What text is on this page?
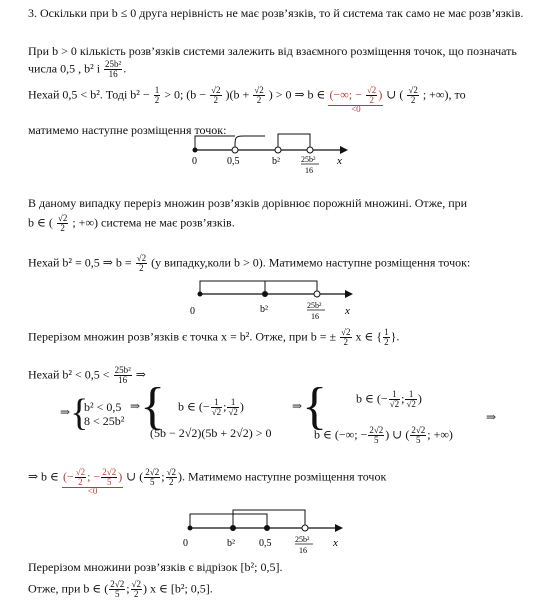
3. Оскільки при b ≤ 0 друга нерівність не має розв’язків, то й система так само не має розв’язків.
При b > 0 кількість розв’язків системи залежить від взаємного розміщення точок, що позначать
числа 0,5 , b² і $\frac{\text{25b²}}{16}$ .
Нехай 0,5 < b². Тоді $b^2 - \frac{1}{2} > 0$; $(b - \frac{√2}{2} )(b + \frac{√2}{2}$ ) > 0 ⇒ b ∈ (−∞; − $\frac{√2}{2}$ )
<0
∪ ( $\frac{√2}{2}$ ; +∞), то
матимемо наступне розміщення точок:
0	0,5	b²	25b²
16
x
В даному випадку переріз множин розв’язків дорівнює порожній множині. Отже, при
b ∈ ( $\frac{√2}{2}$ ; +∞) система не має розв’язків.
Нехай b² = 0,5 ⇒ $b = \frac{√2}{2} (у$ випадку,коли b > 0). Матимемо наступне розміщення точок:
0	b²	25b²
16 x
Перерізом множин розв’язків є точка x = b². Отже, при b = ± $\frac{√2}{2}$ x ∈ { $\frac{1}{2}$ }.
Нехай $b^2 < 0,5 < \frac{\text{25b²}}{16}$ ⇒
⇒{
b² < 0,5
8 < 25b²
⇒{ b ∈ (− $\frac{1}{√2}$ ; $\frac{1}{√2}$ )
(5b − 2√2)(5b + 2√2) > 0
⇒{ b ∈ (− $\frac{1}{√2}$ ; $\frac{1}{√2}$ )
b ∈ (−∞; − $\frac{2√2}{5}$ ) ∪ ( $\frac{2√2}{5}$ ; +∞)
⇒
⇒ b ∈ (− $\frac{√2}{2}$ ; − $\frac{2√2}{5}$ )
<0
∪ ( $\frac{2√2}{5}$ ; $\frac{√2}{2}$ ). Матимемо наступне розміщення точок
0	b² 0,5	25b²
16
x
Перерізом множини розв’язків є відрізок [b²; 0,5].
Отже, при b ∈ ( $\frac{2√2}{5}$ ; $\frac{√2}{2}$ ) x ∈ [b²; 0,5].
